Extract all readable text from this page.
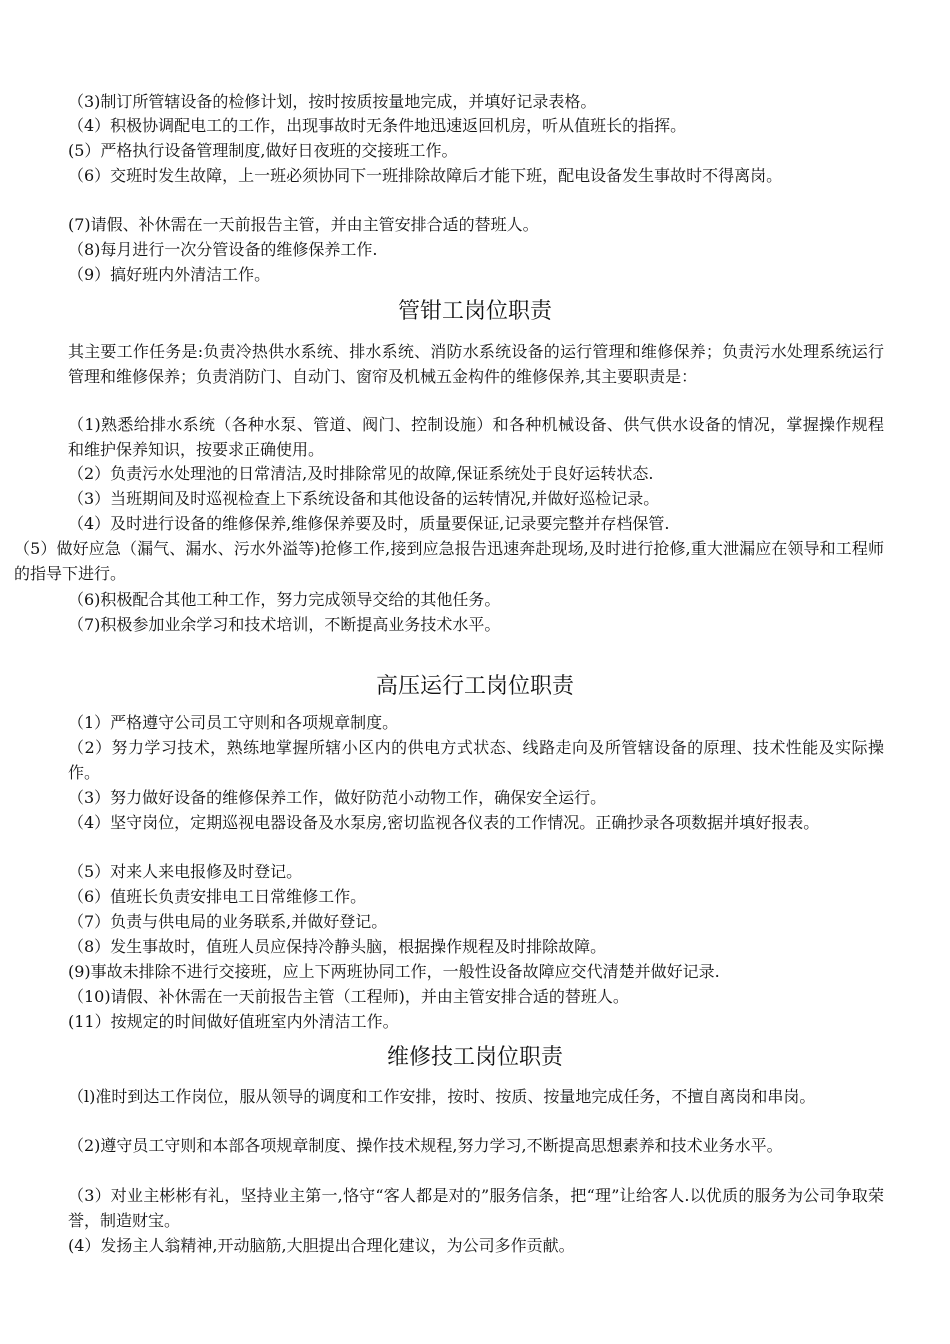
（3)制订所管辖设备的检修计划，按时按质按量地完成，并填好记录表格。

（4）积极协调配电工的工作，出现事故时无条件地迅速返回机房，听从值班长的指挥。

(5）严格执行设备管理制度,做好日夜班的交接班工作。

（6）交班时发生故障，上一班必须协同下一班排除故障后才能下班，配电设备发生事故时不得离岗。

(7)请假、补休需在一天前报告主管，并由主管安排合适的替班人。

（8)每月进行一次分管设备的维修保养工作.

（9）搞好班内外清洁工作。

管钳工岗位职责

其主要工作任务是:负责冷热供水系统、排水系统、消防水系统设备的运行管理和维修保养；负责污水处理系统运行管理和维修保养；负责消防门、自动门、窗帘及机械五金构件的维修保养,其主要职责是：

（1)熟悉给排水系统（各种水泵、管道、阀门、控制设施）和各种机械设备、供气供水设备的情况，掌握操作规程和维护保养知识，按要求正确使用。

（2）负责污水处理池的日常清洁,及时排除常见的故障,保证系统处于良好运转状态.

（3）当班期间及时巡视检查上下系统设备和其他设备的运转情况,并做好巡检记录。

（4）及时进行设备的维修保养,维修保养要及时，质量要保证,记录要完整并存档保管.

（5）做好应急（漏气、漏水、污水外溢等)抢修工作,接到应急报告迅速奔赴现场,及时进行抢修,重大泄漏应在领导和工程师的指导下进行。

（6)积极配合其他工种工作，努力完成领导交给的其他任务。

（7)积极参加业余学习和技术培训，不断提高业务技术水平。

高压运行工岗位职责

（1）严格遵守公司员工守则和各项规章制度。

（2）努力学习技术，熟练地掌握所辖小区内的供电方式状态、线路走向及所管辖设备的原理、技术性能及实际操作。

（3）努力做好设备的维修保养工作，做好防范小动物工作，确保安全运行。

（4）坚守岗位，定期巡视电器设备及水泵房,密切监视各仪表的工作情况。正确抄录各项数据并填好报表。

（5）对来人来电报修及时登记。

（6）值班长负责安排电工日常维修工作。

（7）负责与供电局的业务联系,并做好登记。

（8）发生事故时，值班人员应保持冷静头脑，根据操作规程及时排除故障。

(9)事故未排除不进行交接班，应上下两班协同工作，一般性设备故障应交代清楚并做好记录.

（10)请假、补休需在一天前报告主管（工程师)，并由主管安排合适的替班人。

(11）按规定的时间做好值班室内外清洁工作。

维修技工岗位职责

（l)准时到达工作岗位，服从领导的调度和工作安排，按时、按质、按量地完成任务，不擅自离岗和串岗。

（2)遵守员工守则和本部各项规章制度、操作技术规程,努力学习,不断提高思想素养和技术业务水平。

（3）对业主彬彬有礼，坚持业主第一,恪守“客人都是对的”服务信条，把“理”让给客人.以优质的服务为公司争取荣誉，制造财宝。

(4）发扬主人翁精神,开动脑筋,大胆提出合理化建议，为公司多作贡献。
